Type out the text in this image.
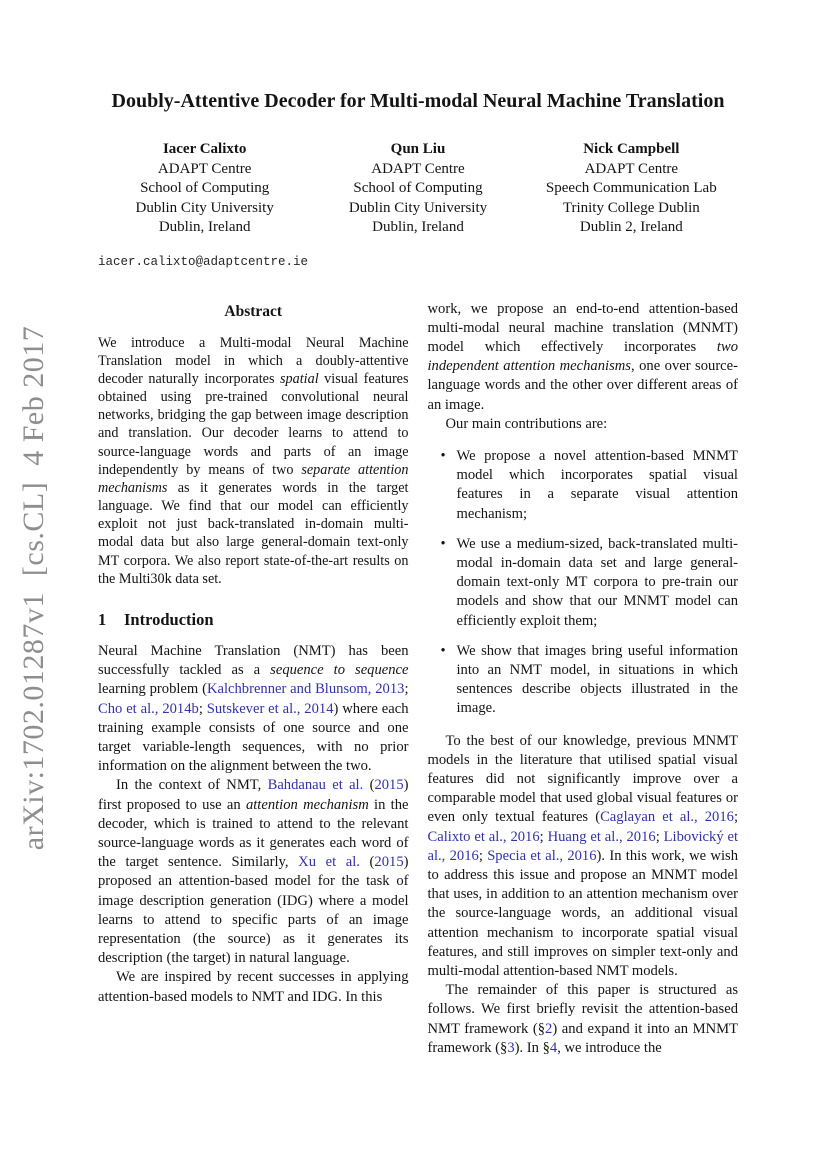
arXiv:1702.01287v1  [cs.CL]  4 Feb 2017
Doubly-Attentive Decoder for Multi-modal Neural Machine Translation
Iacer Calixto
ADAPT Centre
School of Computing
Dublin City University
Dublin, Ireland
Qun Liu
ADAPT Centre
School of Computing
Dublin City University
Dublin, Ireland
Nick Campbell
ADAPT Centre
Speech Communication Lab
Trinity College Dublin
Dublin 2, Ireland
iacer.calixto@adaptcentre.ie
Abstract

We introduce a Multi-modal Neural Machine Translation model in which a doubly-attentive decoder naturally incorporates spatial visual features obtained using pre-trained convolutional neural networks, bridging the gap between image description and translation. Our decoder learns to attend to source-language words and parts of an image independently by means of two separate attention mechanisms as it generates words in the target language. We find that our model can efficiently exploit not just back-translated in-domain multi-modal data but also large general-domain text-only MT corpora. We also report state-of-the-art results on the Multi30k data set.

1 Introduction

Neural Machine Translation (NMT) has been successfully tackled as a sequence to sequence learning problem (Kalchbrenner and Blunsom, 2013; Cho et al., 2014b; Sutskever et al., 2014) where each training example consists of one source and one target variable-length sequences, with no prior information on the alignment between the two.

In the context of NMT, Bahdanau et al. (2015) first proposed to use an attention mechanism in the decoder, which is trained to attend to the relevant source-language words as it generates each word of the target sentence. Similarly, Xu et al. (2015) proposed an attention-based model for the task of image description generation (IDG) where a model learns to attend to specific parts of an image representation (the source) as it generates its description (the target) in natural language.

We are inspired by recent successes in applying attention-based models to NMT and IDG. In this

work, we propose an end-to-end attention-based multi-modal neural machine translation (MNMT) model which effectively incorporates two independent attention mechanisms, one over source-language words and the other over different areas of an image.

Our main contributions are:

• We propose a novel attention-based MNMT model which incorporates spatial visual features in a separate visual attention mechanism;
• We use a medium-sized, back-translated multi-modal in-domain data set and large general-domain text-only MT corpora to pre-train our models and show that our MNMT model can efficiently exploit them;
• We show that images bring useful information into an NMT model, in situations in which sentences describe objects illustrated in the image.

To the best of our knowledge, previous MNMT models in the literature that utilised spatial visual features did not significantly improve over a comparable model that used global visual features or even only textual features (Caglayan et al., 2016; Calixto et al., 2016; Huang et al., 2016; Libovický et al., 2016; Specia et al., 2016). In this work, we wish to address this issue and propose an MNMT model that uses, in addition to an attention mechanism over the source-language words, an additional visual attention mechanism to incorporate spatial visual features, and still improves on simpler text-only and multi-modal attention-based NMT models.

The remainder of this paper is structured as follows. We first briefly revisit the attention-based NMT framework (§2) and expand it into an MNMT framework (§3). In §4, we introduce the
